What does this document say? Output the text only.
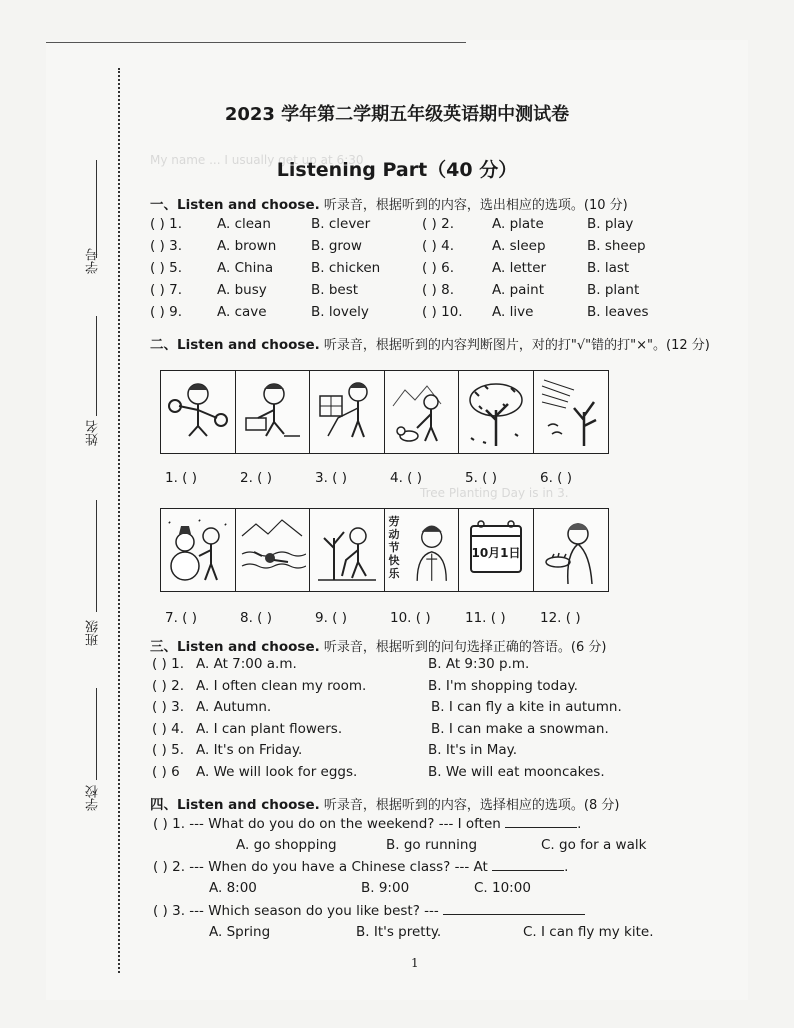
My name ... I usually get up at 6:30
Tree Planting Day is in 3.
学号
姓名
班级
学校
2023 学年第二学期五年级英语期中测试卷
Listening Part（40 分）
一、Listen and choose. 听录音，根据听到的内容，选出相应的选项。(10 分)
( ) 1.	A. clean	B. clever	( ) 2.	A. plate	B. play
( ) 3.	A. brown	B. grow	( ) 4.	A. sleep	B. sheep
( ) 5.	A. China	B. chicken	( ) 6.	A. letter	B. last
( ) 7.	A. busy	B. best	( ) 8.	A. paint	B. plant
( ) 9.	A. cave	B. lovely	( ) 10. A. live	B. leaves
二、Listen and choose. 听录音，根据听到的内容判断图片，对的打"√"错的打"×"。(12 分)
1. ( )	2. ( )	3. ( )	4. ( )	5. ( )	6. ( )
劳动节快乐
10月1日
7. ( )	8. ( )	9. ( )	10. ( )	11. ( )	12. ( )
三、Listen and choose. 听录音，根据听到的问句选择正确的答语。(6 分)
( ) 1. A. At 7:00 a.m.	B. At 9:30 p.m.
( ) 2. A. I often clean my room.	B. I'm shopping today.
( ) 3. A. Autumn.	B. I can fly a kite in autumn.
( ) 4. A. I can plant flowers.	B. I can make a snowman.
( ) 5. A. It's on Friday.	B. It's in May.
( ) 6 A. We will look for eggs.	B. We will eat mooncakes.
四、Listen and choose. 听录音，根据听到的内容，选择相应的选项。(8 分)
( ) 1. --- What do you do on the weekend? --- I often	.
A. go shopping	B. go running	C. go for a walk
( ) 2. --- When do you have a Chinese class? --- At	.
A. 8:00	B. 9:00	C. 10:00
( ) 3. --- Which season do you like best? ---
A. Spring	B. It's pretty.	C. I can fly my kite.
1
